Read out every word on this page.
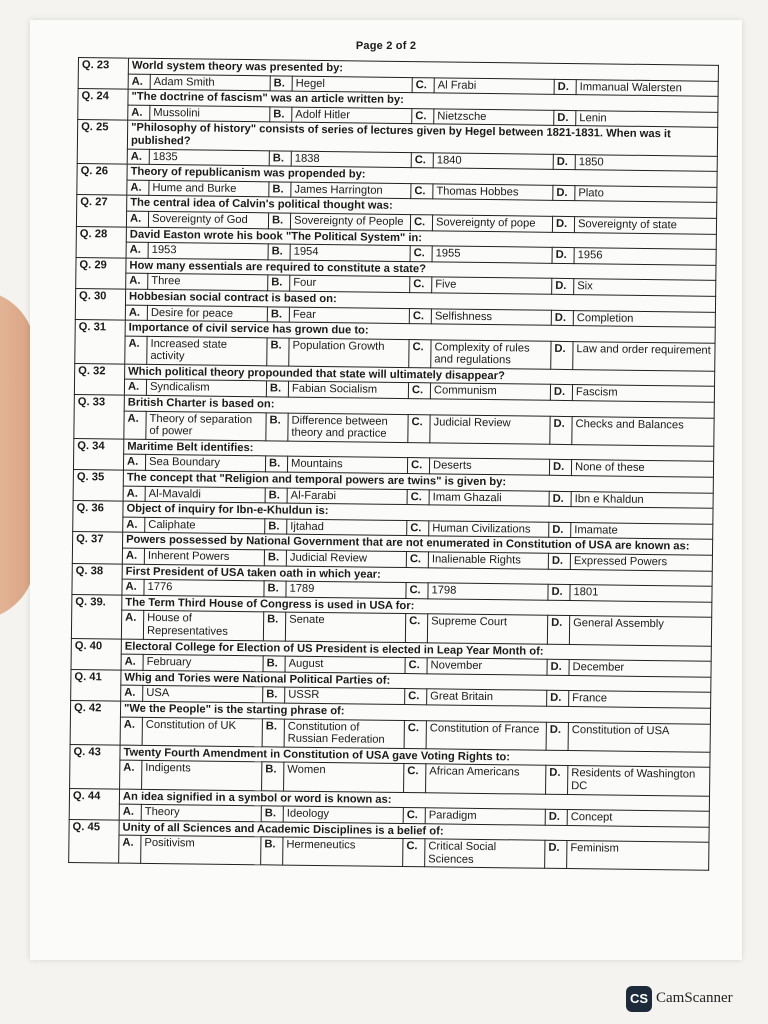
Page 2 of 2
Q. 23	World system theory was presented by:							
	A.	Adam Smith	B.	Hegel	C.	Al Frabi	D.	Immanual Walersten
Q. 24	"The doctrine of fascism" was an article written by:							
	A.	Mussolini	B.	Adolf Hitler	C.	Nietzsche	D.	Lenin
Q. 25	"Philosophy of history" consists of series of lectures given by Hegel between 1821-1831. When was it published?							
	A.	1835	B.	1838	C.	1840	D.	1850
Q. 26	Theory of republicanism was propended by:							
	A.	Hume and Burke	B.	James Harrington	C.	Thomas Hobbes	D.	Plato
Q. 27	The central idea of Calvin's political thought was:							
	A.	Sovereignty of God	B.	Sovereignty of People	C.	Sovereignty of pope	D.	Sovereignty of state
Q. 28	David Easton wrote his book "The Political System" in:							
	A.	1953	B.	1954	C.	1955	D.	1956
Q. 29	How many essentials are required to constitute a state?							
	A.	Three	B.	Four	C.	Five	D.	Six
Q. 30	Hobbesian social contract is based on:							
	A.	Desire for peace	B.	Fear	C.	Selfishness	D.	Completion
Q. 31	Importance of civil service has grown due to:							
	A.	Increased state activity	B.	Population Growth	C.	Complexity of rules and regulations	D.	Law and order requirement
Q. 32	Which political theory propounded that state will ultimately disappear?							
	A.	Syndicalism	B.	Fabian Socialism	C.	Communism	D.	Fascism
Q. 33	British Charter is based on:							
	A.	Theory of separation of power	B.	Difference between theory and practice	C.	Judicial Review	D.	Checks and Balances
Q. 34	Maritime Belt identifies:							
	A.	Sea Boundary	B.	Mountains	C.	Deserts	D.	None of these
Q. 35	The concept that "Religion and temporal powers are twins" is given by:							
	A.	Al-Mavaldi	B.	Al-Farabi	C.	Imam Ghazali	D.	Ibn e Khaldun
Q. 36	Object of inquiry for Ibn-e-Khuldun is:							
	A.	Caliphate	B.	Ijtahad	C.	Human Civilizations	D.	Imamate
Q. 37	Powers possessed by National Government that are not enumerated in Constitution of USA are known as:							
	A.	Inherent Powers	B.	Judicial Review	C.	Inalienable Rights	D.	Expressed Powers
Q. 38	First President of USA taken oath in which year:							
	A.	1776	B.	1789	C.	1798	D.	1801
Q. 39.	The Term Third House of Congress is used in USA for:							
	A.	House of Representatives	B.	Senate	C.	Supreme Court	D.	General Assembly
Q. 40	Electoral College for Election of US President is elected in Leap Year Month of:							
	A.	February	B.	August	C.	November	D.	December
Q. 41	Whig and Tories were National Political Parties of:							
	A.	USA	B.	USSR	C.	Great Britain	D.	France
Q. 42	"We the People" is the starting phrase of:							
	A.	Constitution of UK	B.	Constitution of Russian Federation	C.	Constitution of France	D.	Constitution of USA
Q. 43	Twenty Fourth Amendment in Constitution of USA gave Voting Rights to:							
	A.	Indigents	B.	Women	C.	African Americans	D.	Residents of Washington DC
Q. 44	An idea signified in a symbol or word is known as:							
	A.	Theory	B.	Ideology	C.	Paradigm	D.	Concept
Q. 45	Unity of all Sciences and Academic Disciplines is a belief of:							
	A.	Positivism	B.	Hermeneutics	C.	Critical Social Sciences	D.	Feminism
CS CamScanner
